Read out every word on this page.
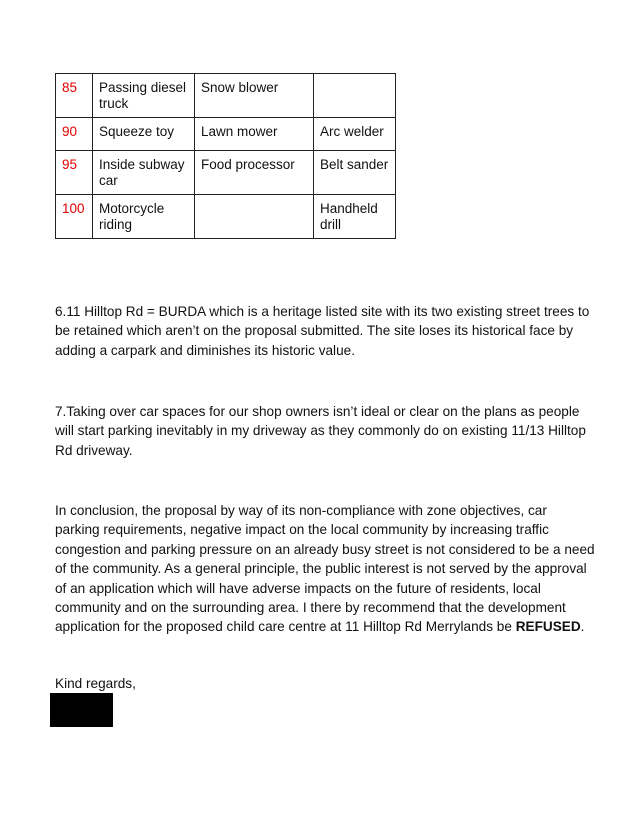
85	Passing diesel truck	Snow blower	
90	Squeeze toy	Lawn mower	Arc welder
95	Inside subway car	Food processor	Belt sander
100	Motorcycle riding		Handheld drill

6.11 Hilltop Rd = BURDA which is a heritage listed site with its two existing street trees to be retained which aren’t on the proposal submitted. The site loses its historical face by adding a carpark and diminishes its historic value.

7.Taking over car spaces for our shop owners isn’t ideal or clear on the plans as people will start parking inevitably in my driveway as they commonly do on existing 11/13 Hilltop Rd driveway.

In conclusion, the proposal by way of its non-compliance with zone objectives, car parking requirements, negative impact on the local community by increasing traffic congestion and parking pressure on an already busy street is not considered to be a need of the community. As a general principle, the public interest is not served by the approval of an application which will have adverse impacts on the future of residents, local community and on the surrounding area. I there by recommend that the development application for the proposed child care centre at 11 Hilltop Rd Merrylands be REFUSED.

Kind regards,
